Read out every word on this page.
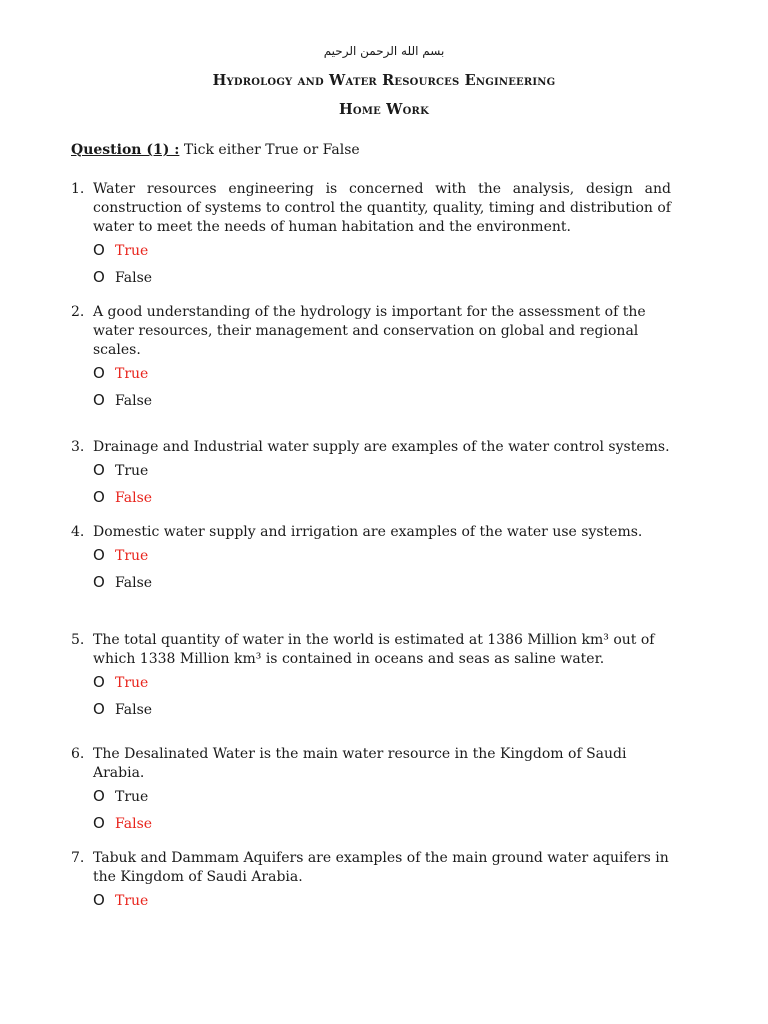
بسم الله الرحمن الرحيم
Hydrology and Water Resources Engineering
Home Work
Question (1) : Tick either True or False
1. Water resources engineering is concerned with the analysis, design and construction of systems to control the quantity, quality, timing and distribution of water to meet the needs of human habitation and the environment.
O True
O False
2. A good understanding of the hydrology is important for the assessment of the water resources, their management and conservation on global and regional scales.
O True
O False
3. Drainage and Industrial water supply are examples of the water control systems.
O True
O False
4. Domestic water supply and irrigation are examples of the water use systems.
O True
O False
5. The total quantity of water in the world is estimated at 1386 Million km³ out of which 1338 Million km³ is contained in oceans and seas as saline water.
O True
O False
6. The Desalinated Water is the main water resource in the Kingdom of Saudi Arabia.
O True
O False
7. Tabuk and Dammam Aquifers are examples of the main ground water aquifers in the Kingdom of Saudi Arabia.
O True
